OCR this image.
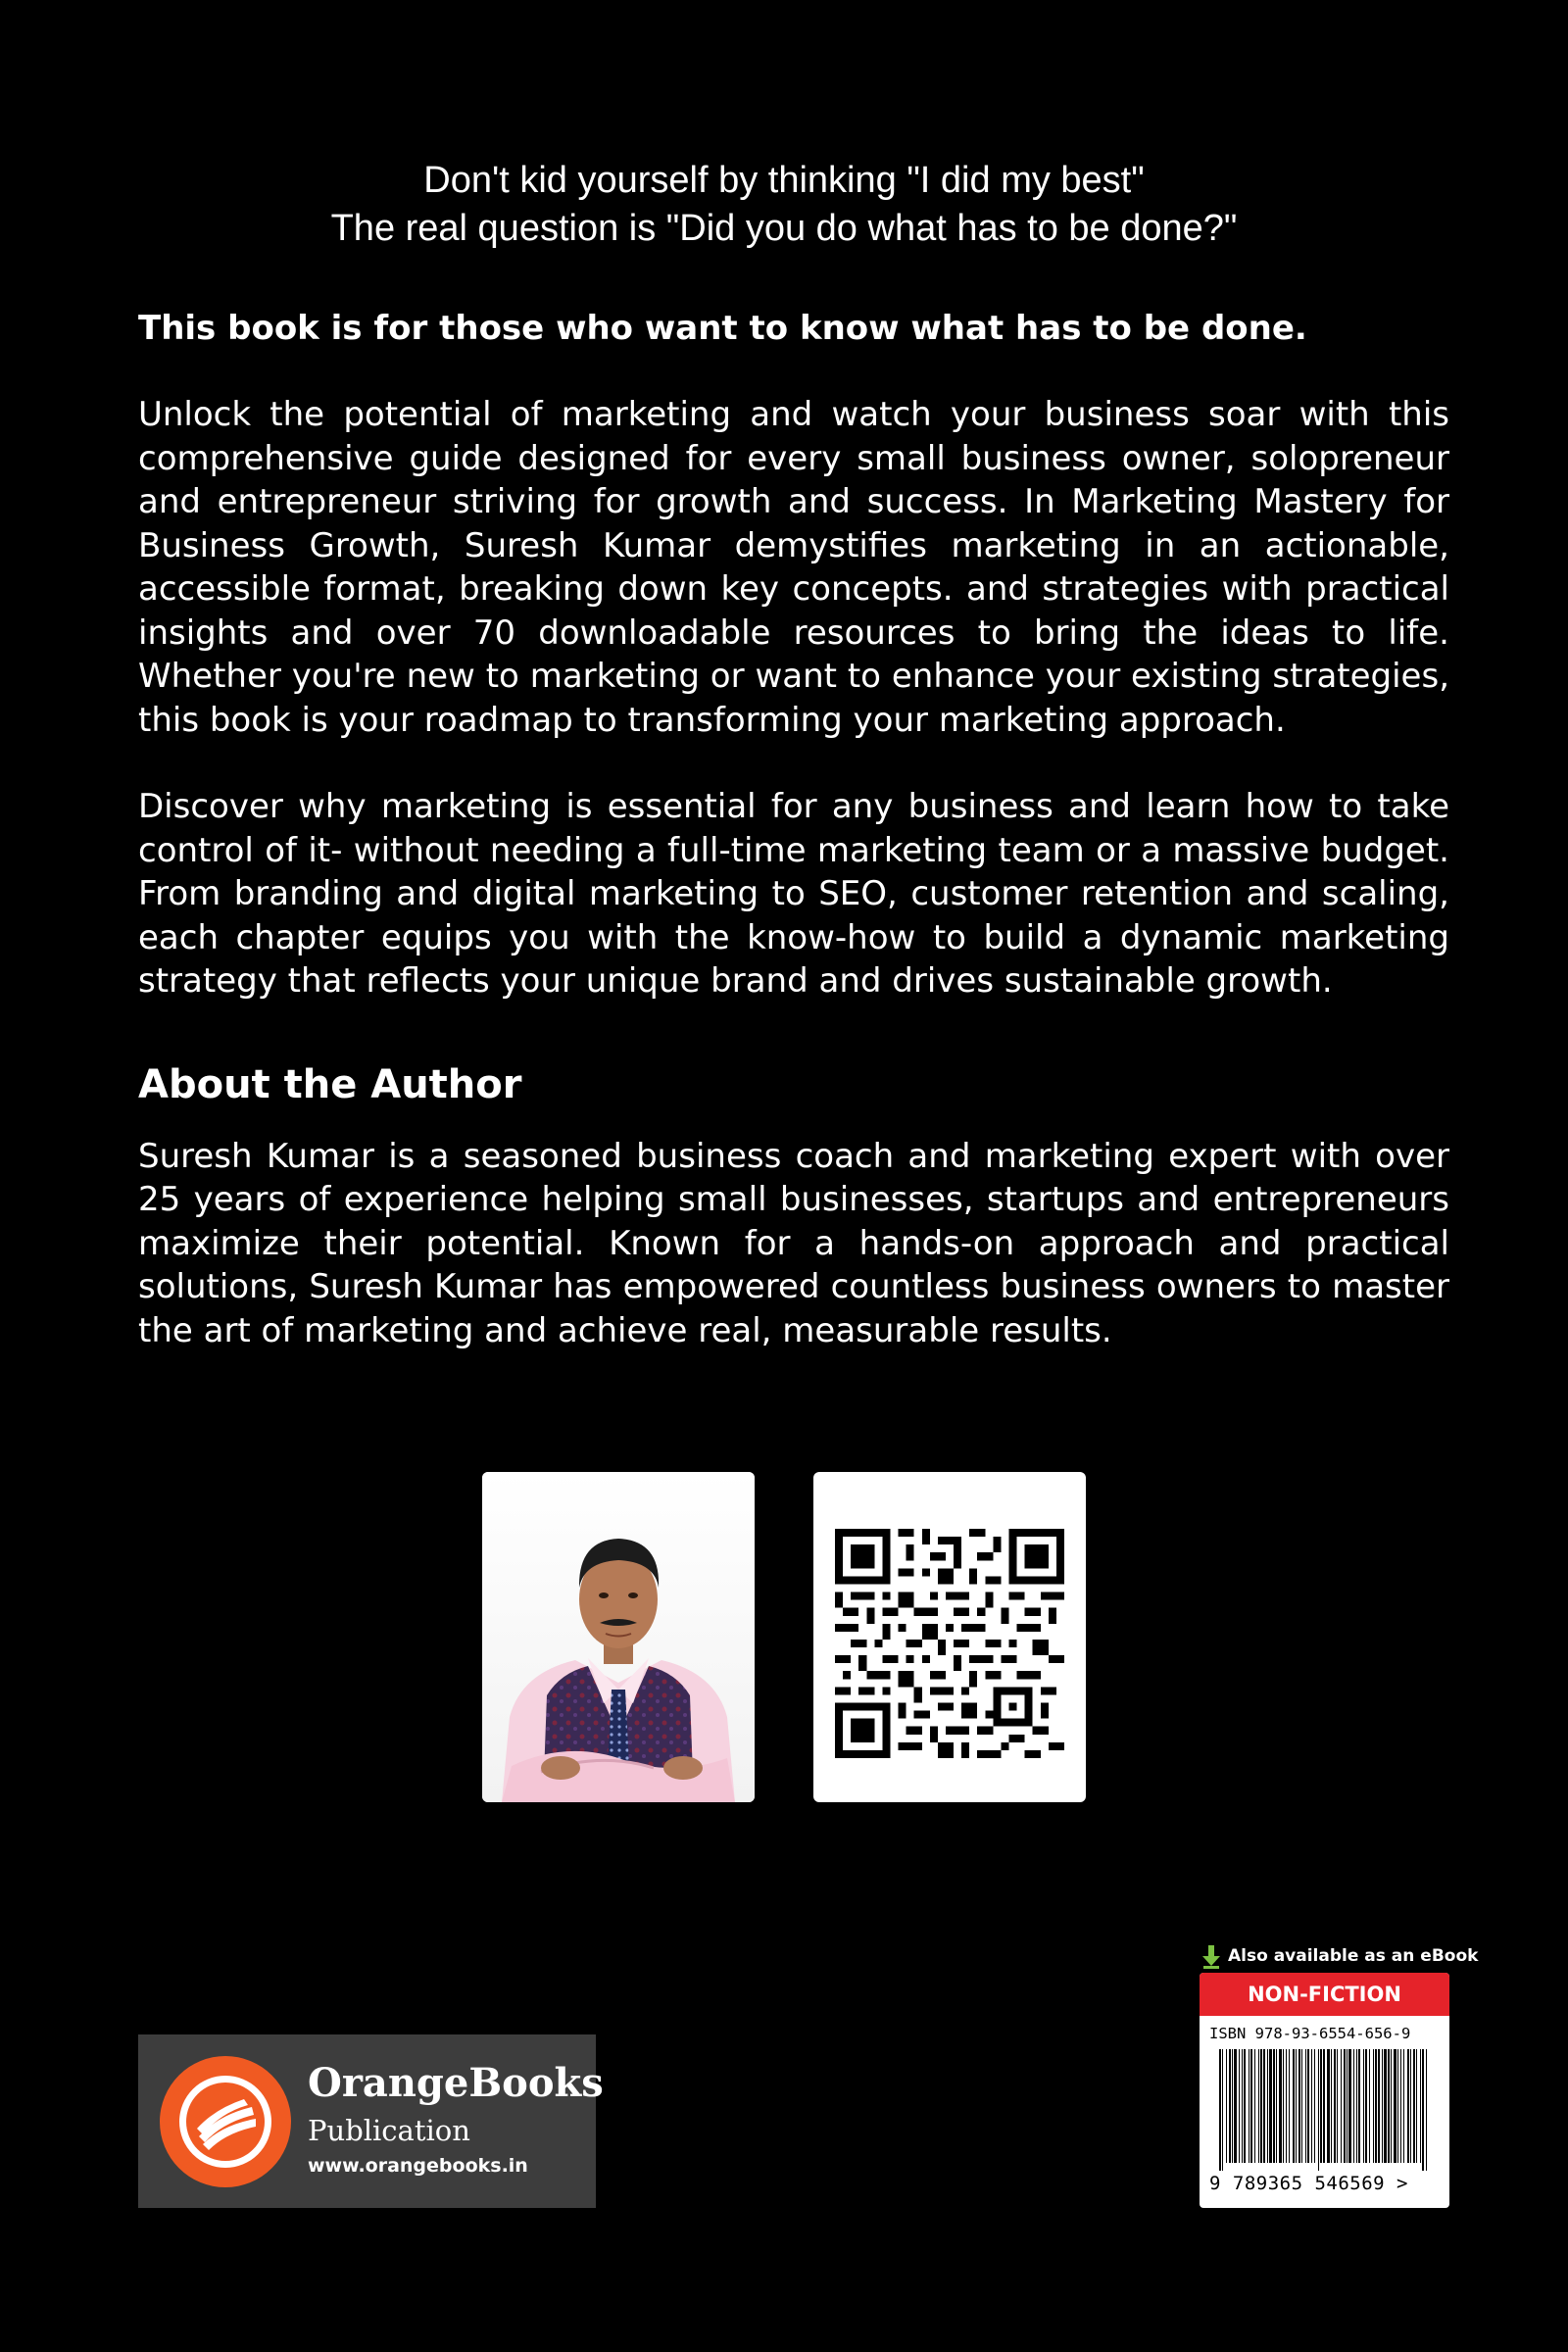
Don't kid yourself by thinking "I did my best"
The real question is "Did you do what has to be done?"

This book is for those who want to know what has to be done.

Unlock the potential of marketing and watch your business soar with this comprehensive guide designed for every small business owner, solopreneur and entrepreneur striving for growth and success. In Marketing Mastery for Business Growth, Suresh Kumar demystifies marketing in an actionable, accessible format, breaking down key concepts. and strategies with practical insights and over 70 downloadable resources to bring the ideas to life. Whether you're new to marketing or want to enhance your existing strategies, this book is your roadmap to transforming your marketing approach.

Discover why marketing is essential for any business and learn how to take control of it- without needing a full-time marketing team or a massive budget. From branding and digital marketing to SEO, customer retention and scaling, each chapter equips you with the know-how to build a dynamic marketing strategy that reflects your unique brand and drives sustainable growth.

About the Author

Suresh Kumar is a seasoned business coach and marketing expert with over 25 years of experience helping small businesses, startups and entrepreneurs maximize their potential. Known for a hands-on approach and practical solutions, Suresh Kumar has empowered countless business owners to master the art of marketing and achieve real, measurable results.

OrangeBooks
Publication
www.orangebooks.in
Also available as an eBook
NON-FICTION
ISBN 978-93-6554-656-9
9 789365 546569 >
